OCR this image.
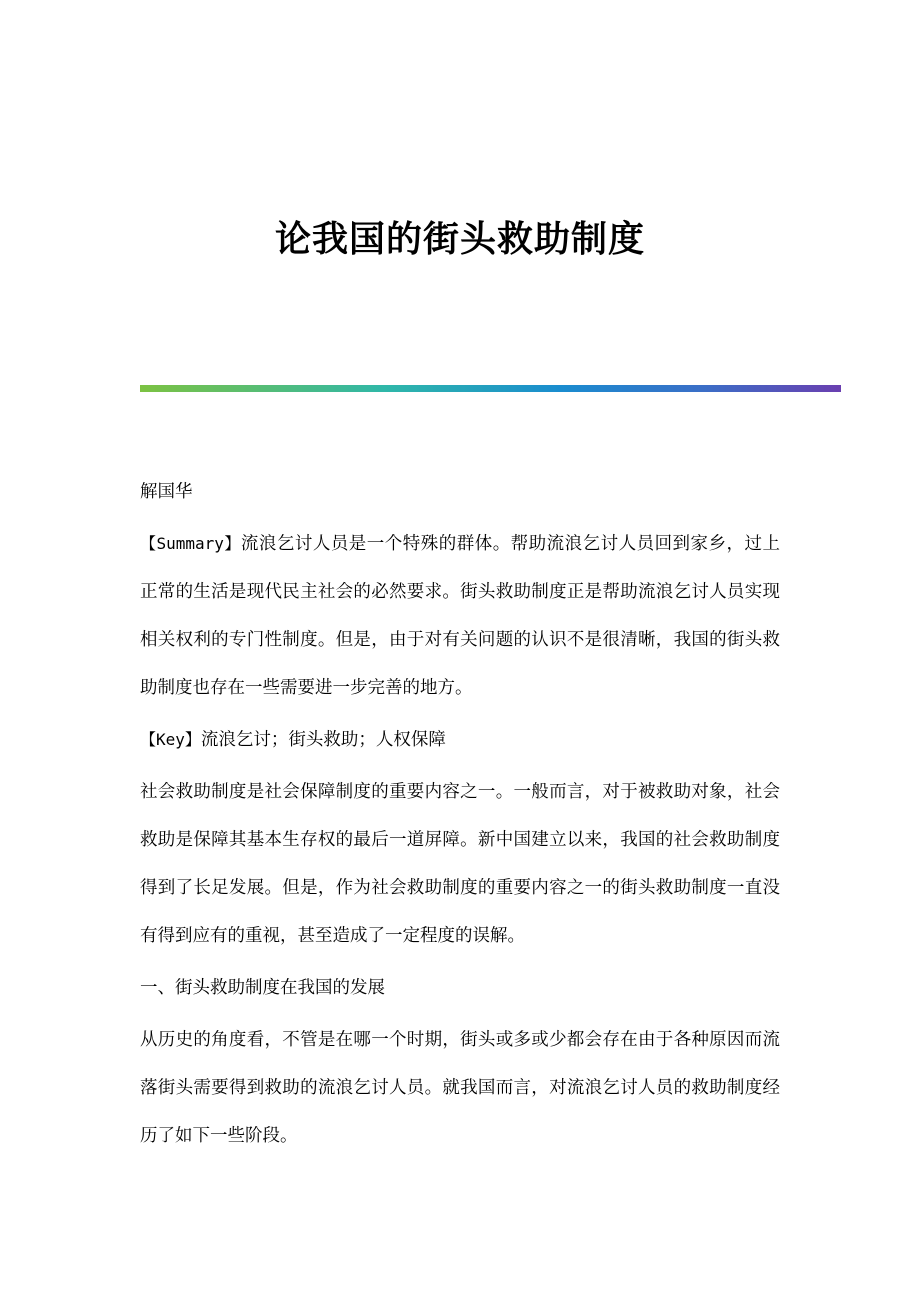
论我国的街头救助制度

解国华

【Summary】流浪乞讨人员是一个特殊的群体。帮助流浪乞讨人员回到家乡，过上正常的生活是现代民主社会的必然要求。街头救助制度正是帮助流浪乞讨人员实现相关权利的专门性制度。但是，由于对有关问题的认识不是很清晰，我国的街头救助制度也存在一些需要进一步完善的地方。

【Key】流浪乞讨；街头救助；人权保障

社会救助制度是社会保障制度的重要内容之一。一般而言，对于被救助对象，社会救助是保障其基本生存权的最后一道屏障。新中国建立以来，我国的社会救助制度得到了长足发展。但是，作为社会救助制度的重要内容之一的街头救助制度一直没有得到应有的重视，甚至造成了一定程度的误解。

一、街头救助制度在我国的发展

从历史的角度看，不管是在哪一个时期，街头或多或少都会存在由于各种原因而流落街头需要得到救助的流浪乞讨人员。就我国而言，对流浪乞讨人员的救助制度经历了如下一些阶段。
